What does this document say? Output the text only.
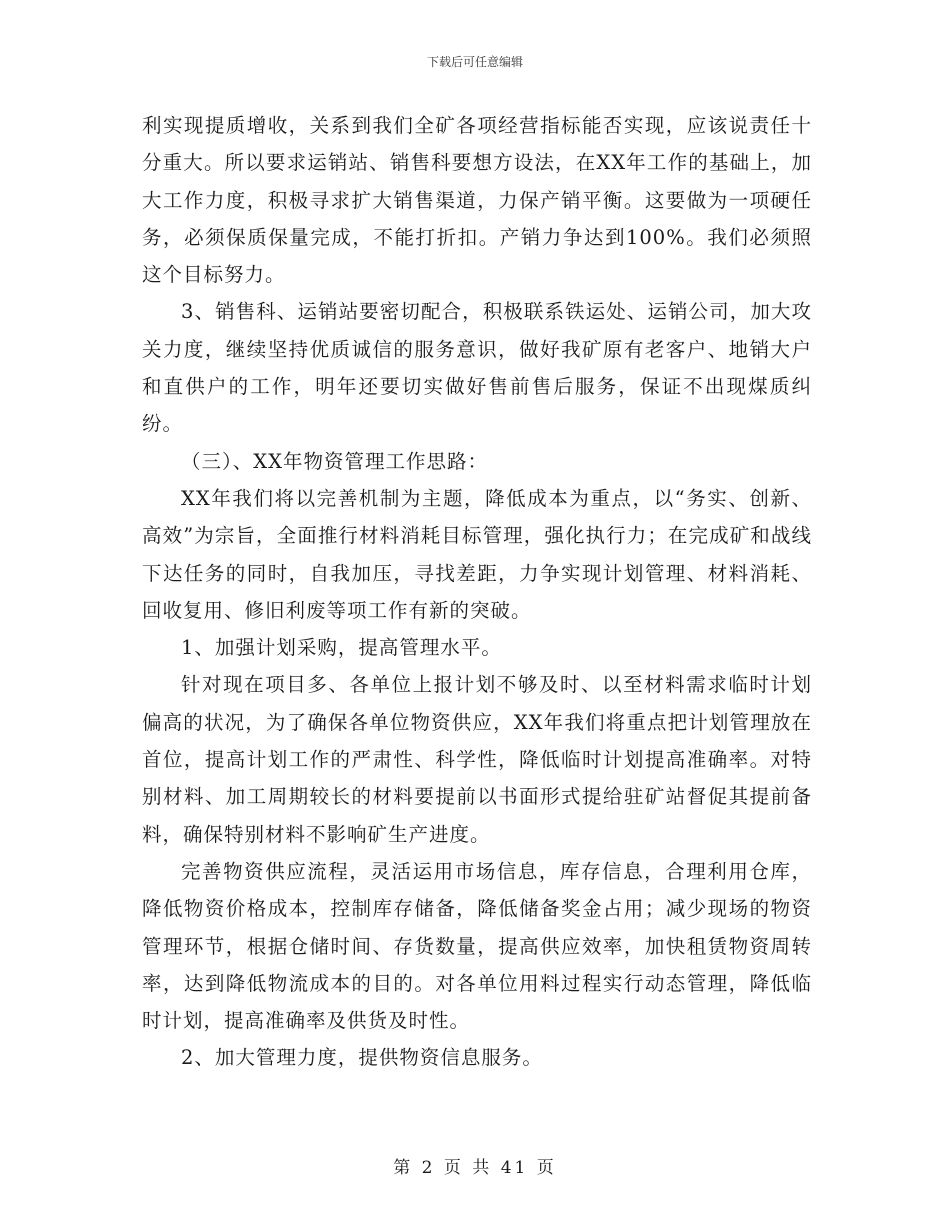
下载后可任意编辑

利实现提质增收，关系到我们全矿各项经营指标能否实现，应该说责任十分重大。所以要求运销站、销售科要想方设法，在XX年工作的基础上，加大工作力度，积极寻求扩大销售渠道，力保产销平衡。这要做为一项硬任务，必须保质保量完成，不能打折扣。产销力争达到100%。我们必须照这个目标努力。

3、销售科、运销站要密切配合，积极联系铁运处、运销公司，加大攻关力度，继续坚持优质诚信的服务意识，做好我矿原有老客户、地销大户和直供户的工作，明年还要切实做好售前售后服务，保证不出现煤质纠纷。

（三）、XX年物资管理工作思路：

XX年我们将以完善机制为主题，降低成本为重点，以“务实、创新、高效”为宗旨，全面推行材料消耗目标管理，强化执行力；在完成矿和战线下达任务的同时，自我加压，寻找差距，力争实现计划管理、材料消耗、回收复用、修旧利废等项工作有新的突破。

1、加强计划采购，提高管理水平。

针对现在项目多、各单位上报计划不够及时、以至材料需求临时计划偏高的状况，为了确保各单位物资供应，XX年我们将重点把计划管理放在首位，提高计划工作的严肃性、科学性，降低临时计划提高准确率。对特别材料、加工周期较长的材料要提前以书面形式提给驻矿站督促其提前备料，确保特别材料不影响矿生产进度。

完善物资供应流程，灵活运用市场信息，库存信息，合理利用仓库，降低物资价格成本，控制库存储备，降低储备奖金占用；减少现场的物资管理环节，根据仓储时间、存货数量，提高供应效率，加快租赁物资周转率，达到降低物流成本的目的。对各单位用料过程实行动态管理，降低临时计划，提高准确率及供货及时性。

2、加大管理力度，提供物资信息服务。

第 2 页 共 41 页
